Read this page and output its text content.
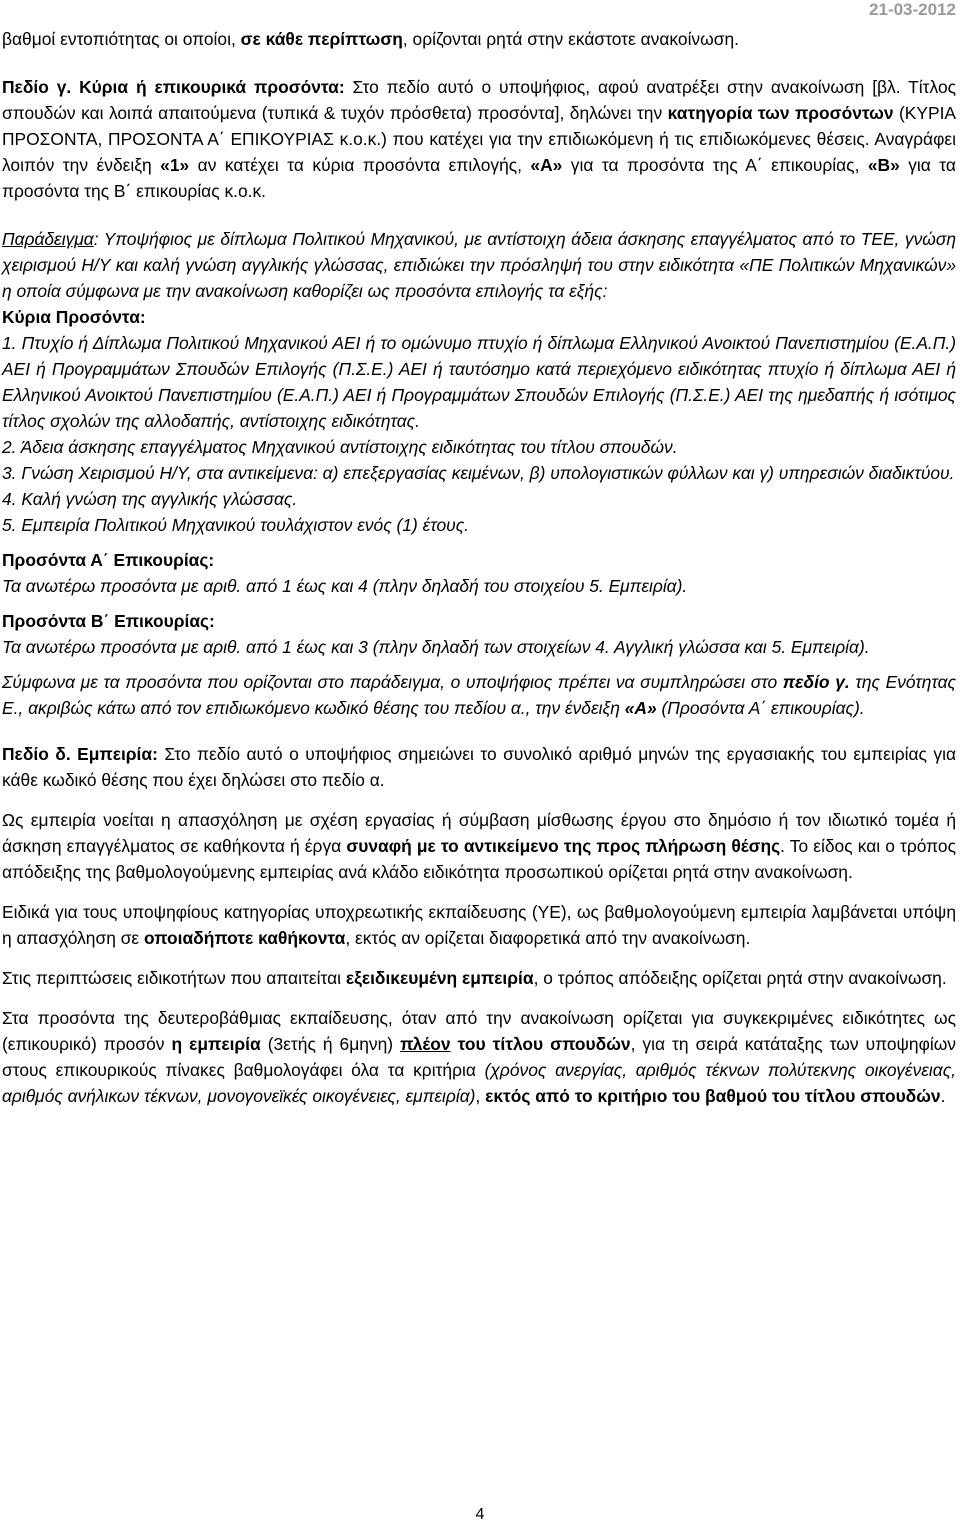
21-03-2012

βαθμοί εντοπιότητας οι οποίοι, σε κάθε περίπτωση, ορίζονται ρητά στην εκάστοτε ανακοίνωση.

Πεδίο γ. Κύρια ή επικουρικά προσόντα: Στο πεδίο αυτό ο υποψήφιος, αφού ανατρέξει στην ανακοίνωση [βλ. Τίτλος σπουδών και λοιπά απαιτούμενα (τυπικά & τυχόν πρόσθετα) προσόντα], δηλώνει την κατηγορία των προσόντων (ΚΥΡΙΑ ΠΡΟΣΟΝΤΑ, ΠΡΟΣΟΝΤΑ Α΄ ΕΠΙΚΟΥΡΙΑΣ κ.ο.κ.) που κατέχει για την επιδιωκόμενη ή τις επιδιωκόμενες θέσεις. Αναγράφει λοιπόν την ένδειξη «1» αν κατέχει τα κύρια προσόντα επιλογής, «Α» για τα προσόντα της Α΄ επικουρίας, «Β» για τα προσόντα της Β΄ επικουρίας κ.ο.κ.

Παράδειγμα: Υποψήφιος με δίπλωμα Πολιτικού Μηχανικού, με αντίστοιχη άδεια άσκησης επαγγέλματος από το ΤΕΕ, γνώση χειρισμού Η/Υ και καλή γνώση αγγλικής γλώσσας, επιδιώκει την πρόσληψή του στην ειδικότητα «ΠΕ Πολιτικών Μηχανικών» η οποία σύμφωνα με την ανακοίνωση καθορίζει ως προσόντα επιλογής τα εξής:

Κύρια Προσόντα:

1. Πτυχίο ή Δίπλωμα Πολιτικού Μηχανικού ΑΕΙ ή το ομώνυμο πτυχίο ή δίπλωμα Ελληνικού Ανοικτού Πανεπιστημίου (Ε.Α.Π.) ΑΕΙ ή Προγραμμάτων Σπουδών Επιλογής (Π.Σ.Ε.) ΑΕΙ ή ταυτόσημο κατά περιεχόμενο ειδικότητας πτυχίο ή δίπλωμα ΑΕΙ ή Ελληνικού Ανοικτού Πανεπιστημίου (Ε.Α.Π.) ΑΕΙ ή Προγραμμάτων Σπουδών Επιλογής (Π.Σ.Ε.) ΑΕΙ της ημεδαπής ή ισότιμος τίτλος σχολών της αλλοδαπής, αντίστοιχης ειδικότητας.

2. Άδεια άσκησης επαγγέλματος Μηχανικού αντίστοιχης ειδικότητας του τίτλου σπουδών.

3. Γνώση Χειρισμού Η/Υ, στα αντικείμενα: α) επεξεργασίας κειμένων, β) υπολογιστικών φύλλων και γ) υπηρεσιών διαδικτύου.

4. Καλή γνώση της αγγλικής γλώσσας.

5. Εμπειρία Πολιτικού Μηχανικού τουλάχιστον ενός (1) έτους.

Προσόντα Α΄ Επικουρίας:

Τα ανωτέρω προσόντα με αριθ. από 1 έως και 4 (πλην δηλαδή του στοιχείου 5. Εμπειρία).

Προσόντα Β΄ Επικουρίας:

Τα ανωτέρω προσόντα με αριθ. από 1 έως και 3 (πλην δηλαδή των στοιχείων 4. Αγγλική γλώσσα και 5. Εμπειρία).

Σύμφωνα με τα προσόντα που ορίζονται στο παράδειγμα, ο υποψήφιος πρέπει να συμπληρώσει στο πεδίο γ. της Ενότητας Ε., ακριβώς κάτω από τον επιδιωκόμενο κωδικό θέσης του πεδίου α., την ένδειξη «Α» (Προσόντα Α΄ επικουρίας).

Πεδίο δ. Εμπειρία: Στο πεδίο αυτό ο υποψήφιος σημειώνει το συνολικό αριθμό μηνών της εργασιακής του εμπειρίας για κάθε κωδικό θέσης που έχει δηλώσει στο πεδίο α.

Ως εμπειρία νοείται η απασχόληση με σχέση εργασίας ή σύμβαση μίσθωσης έργου στο δημόσιο ή τον ιδιωτικό τομέα ή άσκηση επαγγέλματος σε καθήκοντα ή έργα συναφή με το αντικείμενο της προς πλήρωση θέσης. Το είδος και ο τρόπος απόδειξης της βαθμολογούμενης εμπειρίας ανά κλάδο ειδικότητα προσωπικού ορίζεται ρητά στην ανακοίνωση.

Ειδικά για τους υποψηφίους κατηγορίας υποχρεωτικής εκπαίδευσης (ΥΕ), ως βαθμολογούμενη εμπειρία λαμβάνεται υπόψη η απασχόληση σε οποιαδήποτε καθήκοντα, εκτός αν ορίζεται διαφορετικά από την ανακοίνωση.

Στις περιπτώσεις ειδικοτήτων που απαιτείται εξειδικευμένη εμπειρία, ο τρόπος απόδειξης ορίζεται ρητά στην ανακοίνωση.

Στα προσόντα της δευτεροβάθμιας εκπαίδευσης, όταν από την ανακοίνωση ορίζεται για συγκεκριμένες ειδικότητες ως (επικουρικό) προσόν η εμπειρία (3ετής ή 6μηνη) πλέον του τίτλου σπουδών, για τη σειρά κατάταξης των υποψηφίων στους επικουρικούς πίνακες βαθμολογάφει όλα τα κριτήρια (χρόνος ανεργίας, αριθμός τέκνων πολύτεκνης οικογένειας, αριθμός ανήλικων τέκνων, μονογονεϊκές οικογένειες, εμπειρία), εκτός από το κριτήριο του βαθμού του τίτλου σπουδών.

4
